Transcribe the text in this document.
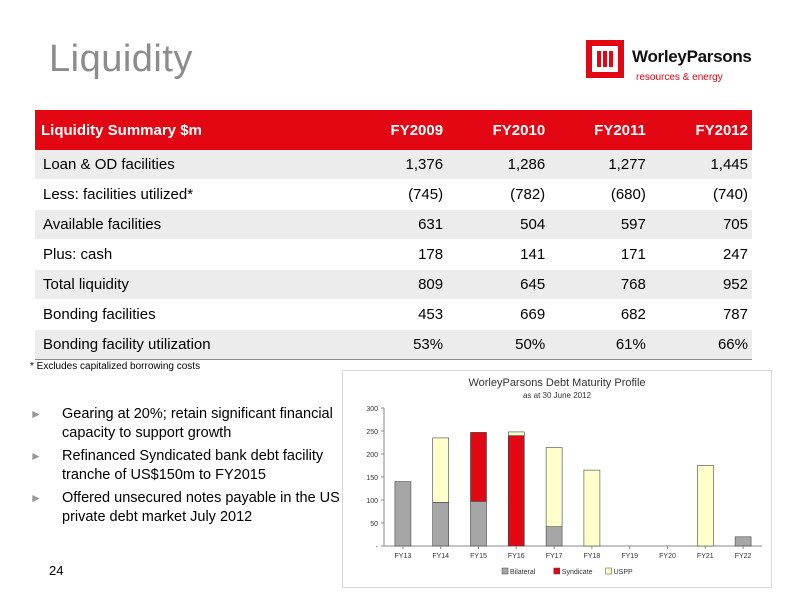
Liquidity	WorleyParsons
resources & energy
Liquidity Summary $m	FY2009	FY2010	FY2011	FY2012
Loan & OD facilities	1,376	1,286	1,277	1,445
Less: facilities utilized*	(745)	(782)	(680)	(740)
Available facilities	631	504	597	705
Plus: cash	178	141	171	247
Total liquidity	809	645	768	952
Bonding facilities	453	669	682	787
Bonding facility utilization	53%	50%	61%	66%
* Excludes capitalized borrowing costs
► Gearing at 20%; retain significant financial capacity to support growth
► Refinanced Syndicated bank debt facility tranche of US$150m to FY2015
► Offered unsecured notes payable in the US private debt market July 2012
24
WorleyParsons Debt Maturity Profile
as at 30 June 2012
-
50
100
150
200
250
300
FY13	FY14	FY15	FY16	FY17	FY18	FY19	FY20	FY21	FY22
Bilateral	Syndicate	USPP
